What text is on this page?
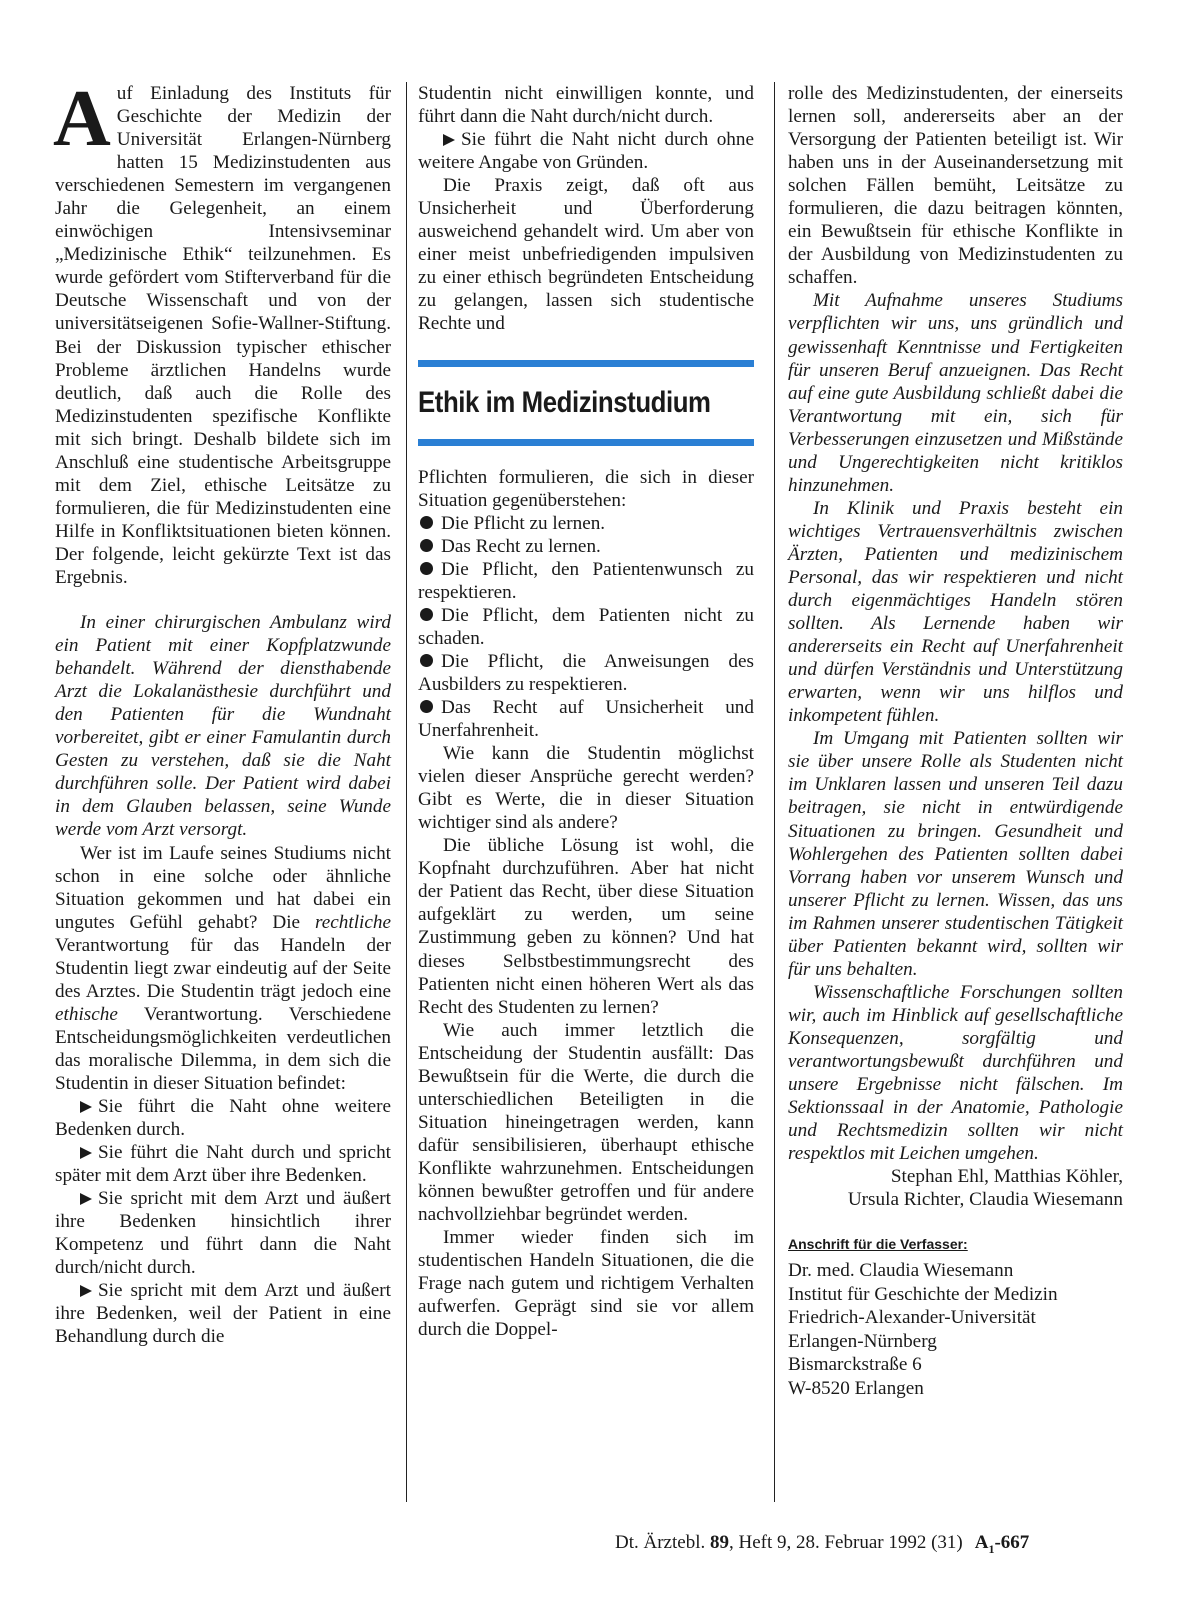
Auf Einladung des Instituts für Geschichte der Medizin der Universität Erlangen-Nürnberg hatten 15 Medizinstudenten aus verschiedenen Semestern im vergangenen Jahr die Gelegenheit, an einem einwöchigen Intensivseminar „Medizinische Ethik“ teilzunehmen. Es wurde gefördert vom Stifterverband für die Deutsche Wissenschaft und von der universitätseigenen Sofie-Wallner-Stiftung. Bei der Diskussion typischer ethischer Probleme ärztlichen Handelns wurde deutlich, daß auch die Rolle des Medizinstudenten spezifische Konflikte mit sich bringt. Deshalb bildete sich im Anschluß eine studentische Arbeitsgruppe mit dem Ziel, ethische Leitsätze zu formulieren, die für Medizinstudenten eine Hilfe in Konfliktsituationen bieten können. Der folgende, leicht gekürzte Text ist das Ergebnis.

In einer chirurgischen Ambulanz wird ein Patient mit einer Kopfplatzwunde behandelt. Während der diensthabende Arzt die Lokalanästhesie durchführt und den Patienten für die Wundnaht vorbereitet, gibt er einer Famulantin durch Gesten zu verstehen, daß sie die Naht durchführen solle. Der Patient wird dabei in dem Glauben belassen, seine Wunde werde vom Arzt versorgt.

Wer ist im Laufe seines Studiums nicht schon in eine solche oder ähnliche Situation gekommen und hat dabei ein ungutes Gefühl gehabt? Die rechtliche Verantwortung für das Handeln der Studentin liegt zwar eindeutig auf der Seite des Arztes. Die Studentin trägt jedoch eine ethische Verantwortung. Verschiedene Entscheidungsmöglichkeiten verdeutlichen das moralische Dilemma, in dem sich die Studentin in dieser Situation befindet:

Sie führt die Naht ohne weitere Bedenken durch.

Sie führt die Naht durch und spricht später mit dem Arzt über ihre Bedenken.

Sie spricht mit dem Arzt und äußert ihre Bedenken hinsichtlich ihrer Kompetenz und führt dann die Naht durch/nicht durch.

Sie spricht mit dem Arzt und äußert ihre Bedenken, weil der Patient in eine Behandlung durch die

Studentin nicht einwilligen konnte, und führt dann die Naht durch/nicht durch.

Sie führt die Naht nicht durch ohne weitere Angabe von Gründen.

Die Praxis zeigt, daß oft aus Unsicherheit und Überforderung ausweichend gehandelt wird. Um aber von einer meist unbefriedigenden impulsiven zu einer ethisch begründeten Entscheidung zu gelangen, lassen sich studentische Rechte und

Ethik im Medizinstudium

Pflichten formulieren, die sich in dieser Situation gegenüberstehen:

Die Pflicht zu lernen.

Das Recht zu lernen.

Die Pflicht, den Patientenwunsch zu respektieren.

Die Pflicht, dem Patienten nicht zu schaden.

Die Pflicht, die Anweisungen des Ausbilders zu respektieren.

Das Recht auf Unsicherheit und Unerfahrenheit.

Wie kann die Studentin möglichst vielen dieser Ansprüche gerecht werden? Gibt es Werte, die in dieser Situation wichtiger sind als andere?

Die übliche Lösung ist wohl, die Kopfnaht durchzuführen. Aber hat nicht der Patient das Recht, über diese Situation aufgeklärt zu werden, um seine Zustimmung geben zu können? Und hat dieses Selbstbestimmungsrecht des Patienten nicht einen höheren Wert als das Recht des Studenten zu lernen?

Wie auch immer letztlich die Entscheidung der Studentin ausfällt: Das Bewußtsein für die Werte, die durch die unterschiedlichen Beteiligten in die Situation hineingetragen werden, kann dafür sensibilisieren, überhaupt ethische Konflikte wahrzunehmen. Entscheidungen können bewußter getroffen und für andere nachvollziehbar begründet werden.

Immer wieder finden sich im studentischen Handeln Situationen, die die Frage nach gutem und richtigem Verhalten aufwerfen. Geprägt sind sie vor allem durch die Doppel-

rolle des Medizinstudenten, der einerseits lernen soll, andererseits aber an der Versorgung der Patienten beteiligt ist. Wir haben uns in der Auseinandersetzung mit solchen Fällen bemüht, Leitsätze zu formulieren, die dazu beitragen könnten, ein Bewußtsein für ethische Konflikte in der Ausbildung von Medizinstudenten zu schaffen.

Mit Aufnahme unseres Studiums verpflichten wir uns, uns gründlich und gewissenhaft Kenntnisse und Fertigkeiten für unseren Beruf anzueignen. Das Recht auf eine gute Ausbildung schließt dabei die Verantwortung mit ein, sich für Verbesserungen einzusetzen und Mißstände und Ungerechtigkeiten nicht kritiklos hinzunehmen.

In Klinik und Praxis besteht ein wichtiges Vertrauensverhältnis zwischen Ärzten, Patienten und medizinischem Personal, das wir respektieren und nicht durch eigenmächtiges Handeln stören sollten. Als Lernende haben wir andererseits ein Recht auf Unerfahrenheit und dürfen Verständnis und Unterstützung erwarten, wenn wir uns hilflos und inkompetent fühlen.

Im Umgang mit Patienten sollten wir sie über unsere Rolle als Studenten nicht im Unklaren lassen und unseren Teil dazu beitragen, sie nicht in entwürdigende Situationen zu bringen. Gesundheit und Wohlergehen des Patienten sollten dabei Vorrang haben vor unserem Wunsch und unserer Pflicht zu lernen. Wissen, das uns im Rahmen unserer studentischen Tätigkeit über Patienten bekannt wird, sollten wir für uns behalten.

Wissenschaftliche Forschungen sollten wir, auch im Hinblick auf gesellschaftliche Konsequenzen, sorgfältig und verantwortungsbewußt durchführen und unsere Ergebnisse nicht fälschen. Im Sektionssaal in der Anatomie, Pathologie und Rechtsmedizin sollten wir nicht respektlos mit Leichen umgehen.

Stephan Ehl, Matthias Köhler,

Ursula Richter, Claudia Wiesemann

Anschrift für die Verfasser:
Dr. med. Claudia Wiesemann
Institut für Geschichte der Medizin
Friedrich-Alexander-Universität
Erlangen-Nürnberg
Bismarckstraße 6
W-8520 Erlangen
Dt. Ärztebl. 89, Heft 9, 28. Februar 1992 (31) $A_1-667$
